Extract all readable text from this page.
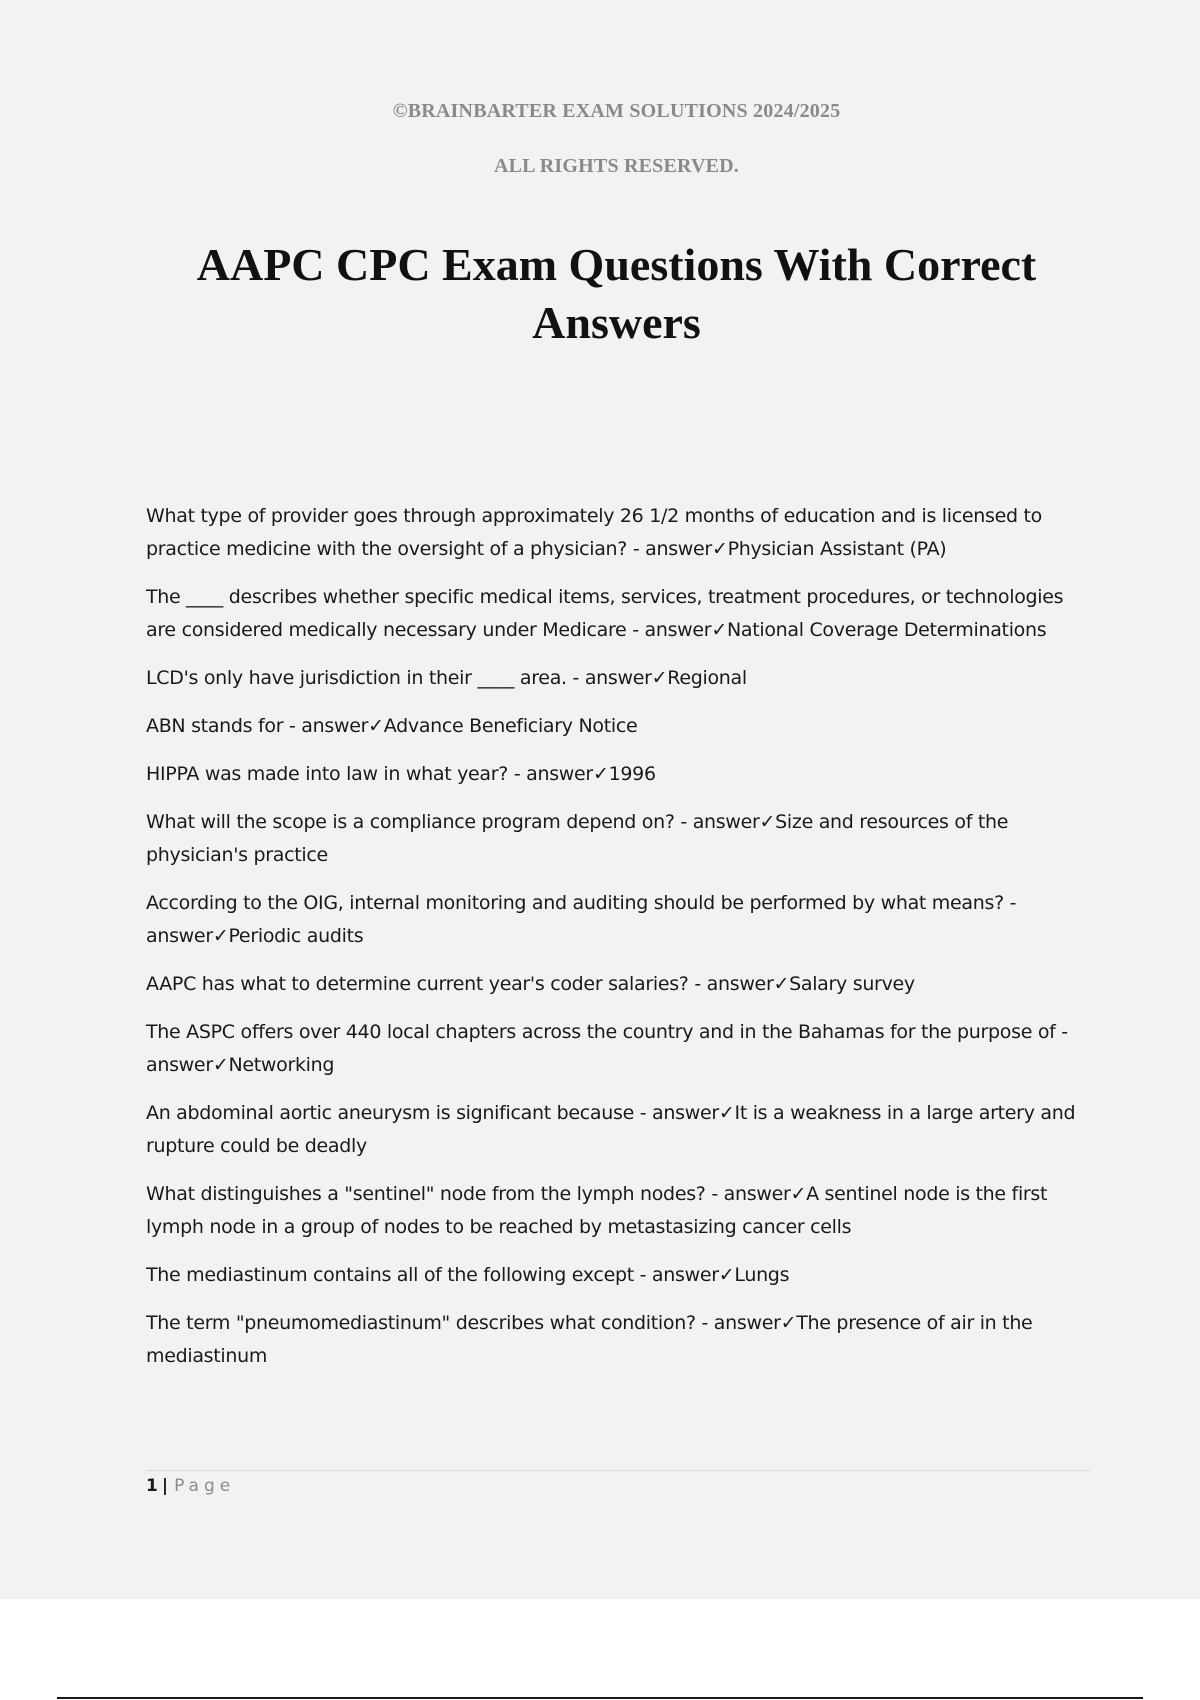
©BRAINBARTER EXAM SOLUTIONS 2024/2025
ALL RIGHTS RESERVED.
AAPC CPC Exam Questions With Correct Answers
What type of provider goes through approximately 26 1/2 months of education and is licensed to practice medicine with the oversight of a physician? - answer✓Physician Assistant (PA)
The ____ describes whether specific medical items, services, treatment procedures, or technologies are considered medically necessary under Medicare - answer✓National Coverage Determinations
LCD's only have jurisdiction in their ____ area. - answer✓Regional
ABN stands for - answer✓Advance Beneficiary Notice
HIPPA was made into law in what year? - answer✓1996
What will the scope is a compliance program depend on? - answer✓Size and resources of the physician's practice
According to the OIG, internal monitoring and auditing should be performed by what means? - answer✓Periodic audits
AAPC has what to determine current year's coder salaries? - answer✓Salary survey
The ASPC offers over 440 local chapters across the country and in the Bahamas for the purpose of - answer✓Networking
An abdominal aortic aneurysm is significant because - answer✓It is a weakness in a large artery and rupture could be deadly
What distinguishes a "sentinel" node from the lymph nodes? - answer✓A sentinel node is the first lymph node in a group of nodes to be reached by metastasizing cancer cells
The mediastinum contains all of the following except - answer✓Lungs
The term "pneumomediastinum" describes what condition? - answer✓The presence of air in the mediastinum
1 | Page
